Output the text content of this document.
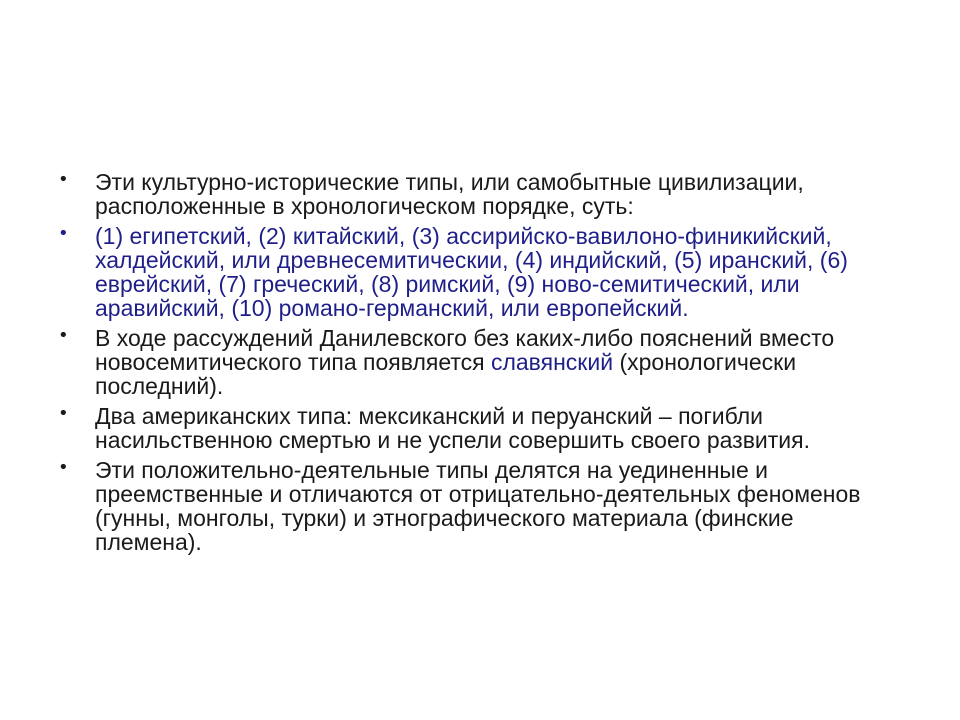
• Эти культурно-исторические типы, или самобытные цивилизации, расположенные в хронологическом порядке, суть:
• (1) египетский, (2) китайский, (3) ассирийско-вавилоно-финикийский, халдейский, или древнесемитическии, (4) индийский, (5) иранский, (6) еврейский, (7) греческий, (8) римский, (9) ново-семитический, или аравийский, (10) романо-германский, или европейский.
• В ходе рассуждений Данилевского без каких-либо пояснений вместо новосемитического типа появляется славянский (хронологически последний).
• Два американских типа: мексиканский и перуанский – погибли насильственною смертью и не успели совершить своего развития.
• Эти положительно-деятельные типы делятся на уединенные и преемственные и отличаются от отрицательно-деятельных феноменов (гунны, монголы, турки) и этнографического материала (финские племена).
